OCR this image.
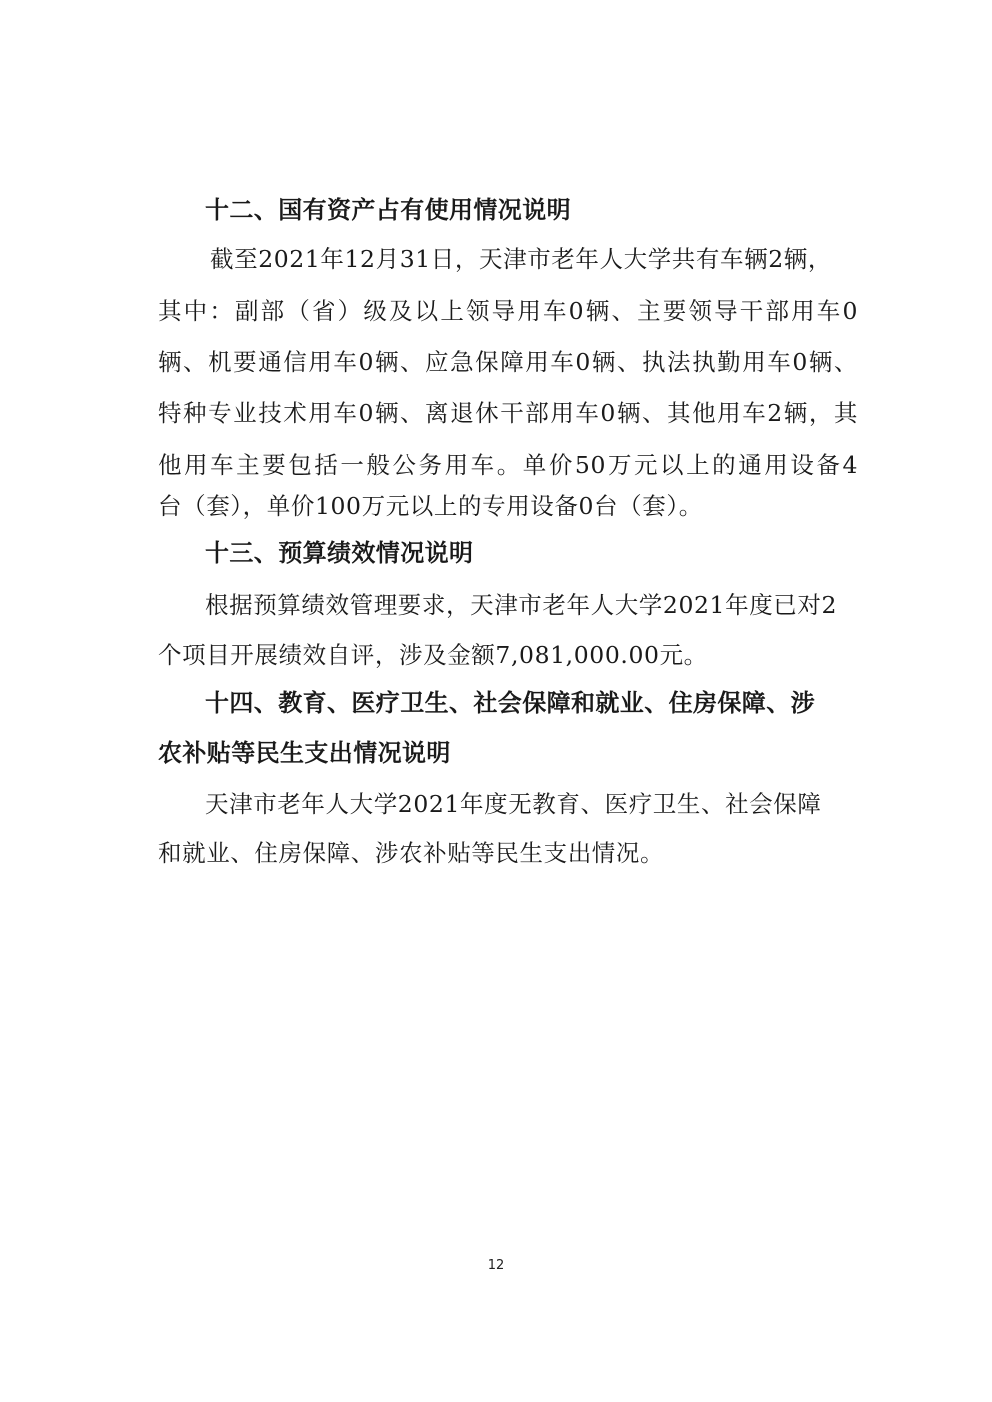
十二、国有资产占有使用情况说明
截至2021年12月31日，天津市老年人大学共有车辆2辆，
其中：副部（省）级及以上领导用车0辆、主要领导干部用车0
辆、机要通信用车0辆、应急保障用车0辆、执法执勤用车0辆、
特种专业技术用车0辆、离退休干部用车0辆、其他用车2辆，其
他用车主要包括一般公务用车。单价50万元以上的通用设备4
台（套），单价100万元以上的专用设备0台（套）。
十三、预算绩效情况说明
根据预算绩效管理要求，天津市老年人大学2021年度已对2
个项目开展绩效自评，涉及金额7,081,000.00元。
十四、教育、医疗卫生、社会保障和就业、住房保障、涉
农补贴等民生支出情况说明
天津市老年人大学2021年度无教育、医疗卫生、社会保障
和就业、住房保障、涉农补贴等民生支出情况。
12
